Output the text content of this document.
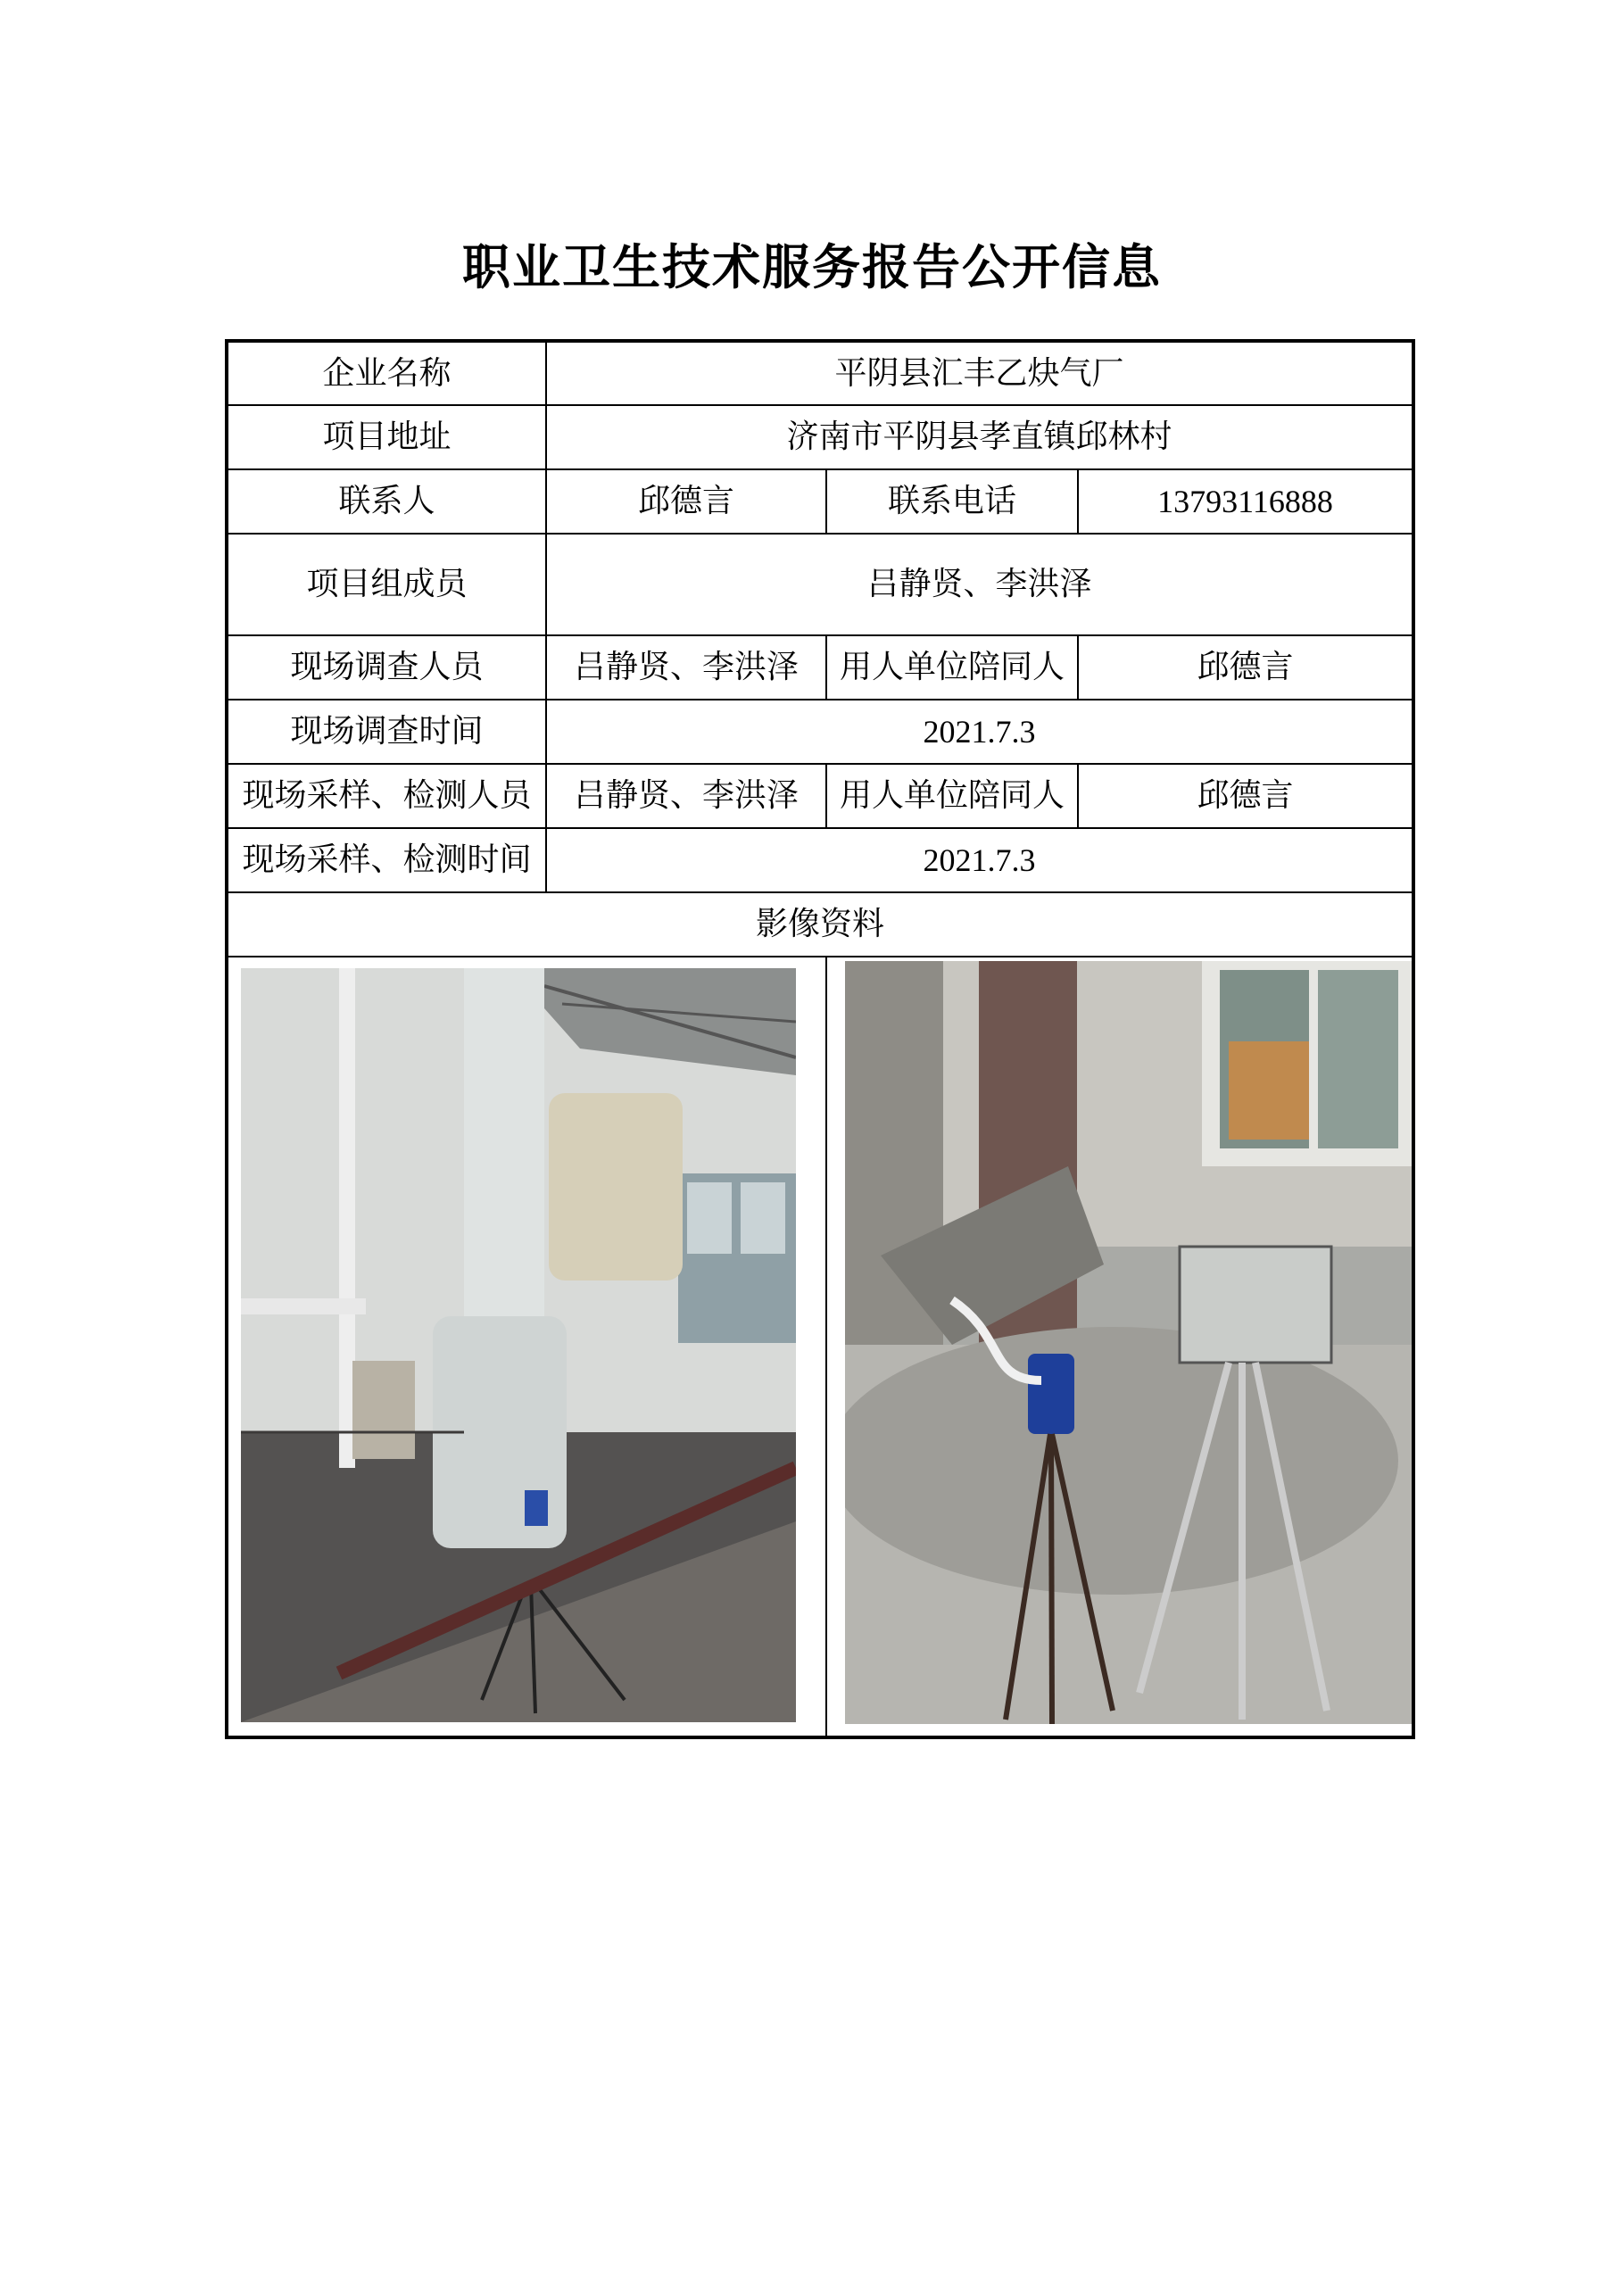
职业卫生技术服务报告公开信息
企业名称	平阴县汇丰乙炔气厂		
项目地址	济南市平阴县孝直镇邱林村		
联系人	邱德言	联系电话	13793116888
项目组成员	吕静贤、李洪泽		
现场调查人员	吕静贤、李洪泽	用人单位陪同人	邱德言
现场调查时间	2021.7.3		
现场采样、检测人员	吕静贤、李洪泽	用人单位陪同人	邱德言
现场采样、检测时间	2021.7.3		
影像资料			
